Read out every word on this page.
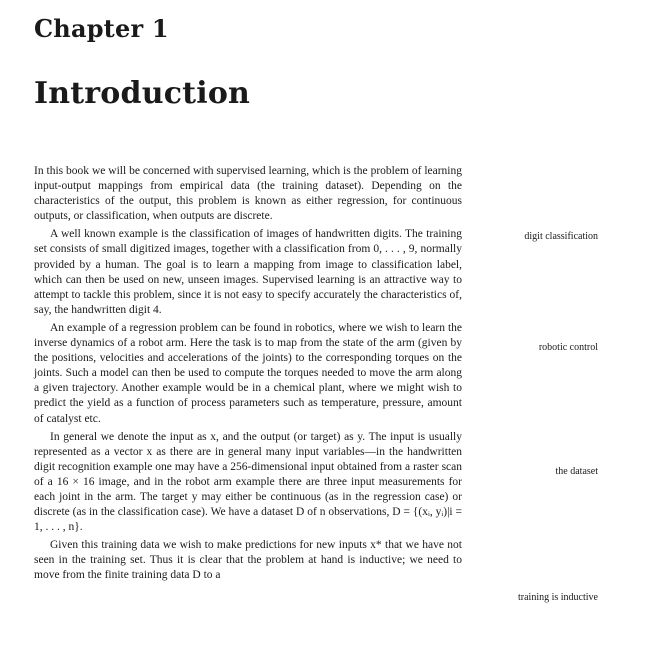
Chapter 1
Introduction

In this book we will be concerned with supervised learning, which is the problem of learning input-output mappings from empirical data (the training dataset). Depending on the characteristics of the output, this problem is known as either regression, for continuous outputs, or classification, when outputs are discrete.

A well known example is the classification of images of handwritten digits. The training set consists of small digitized images, together with a classification from 0, . . . , 9, normally provided by a human. The goal is to learn a mapping from image to classification label, which can then be used on new, unseen images. Supervised learning is an attractive way to attempt to tackle this problem, since it is not easy to specify accurately the characteristics of, say, the handwritten digit 4.

An example of a regression problem can be found in robotics, where we wish to learn the inverse dynamics of a robot arm. Here the task is to map from the state of the arm (given by the positions, velocities and accelerations of the joints) to the corresponding torques on the joints. Such a model can then be used to compute the torques needed to move the arm along a given trajectory. Another example would be in a chemical plant, where we might wish to predict the yield as a function of process parameters such as temperature, pressure, amount of catalyst etc.

In general we denote the input as x, and the output (or target) as y. The input is usually represented as a vector x as there are in general many input variables—in the handwritten digit recognition example one may have a 256-dimensional input obtained from a raster scan of a 16 × 16 image, and in the robot arm example there are three input measurements for each joint in the arm. The target y may either be continuous (as in the regression case) or discrete (as in the classification case). We have a dataset D of n observations, D = {(xᵢ, yᵢ)|i = 1, . . . , n}.

Given this training data we wish to make predictions for new inputs x* that we have not seen in the training set. Thus it is clear that the problem at hand is inductive; we need to move from the finite training data D to a

digit classification
robotic control
the dataset
training is inductive
